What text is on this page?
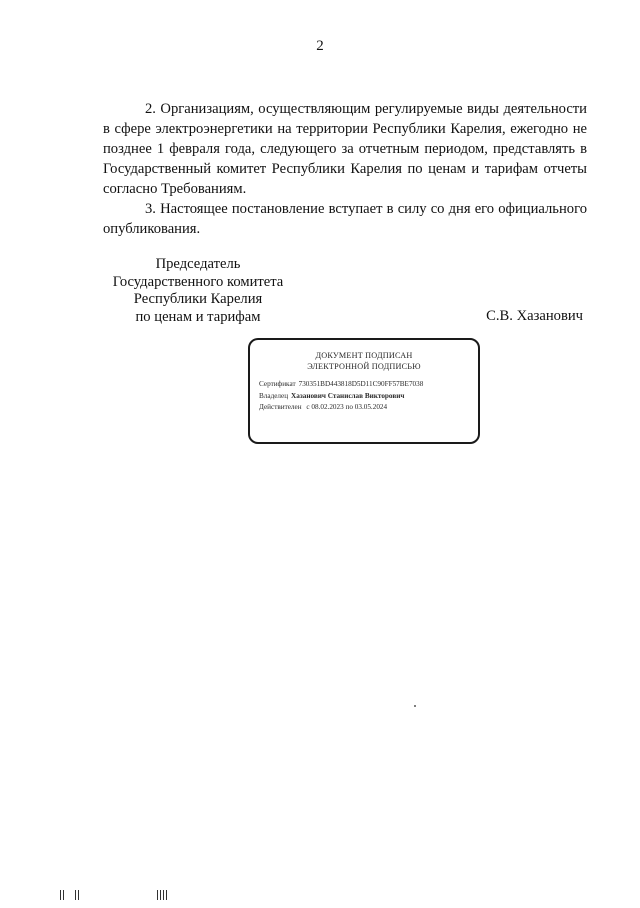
2

2. Организациям, осуществляющим регулируемые виды деятельности в сфере электроэнергетики на территории Республики Карелия, ежегодно не позднее 1 февраля года, следующего за отчетным периодом, представлять в Государственный комитет Республики Карелия по ценам и тарифам отчеты согласно Требованиям.

3. Настоящее постановление вступает в силу со дня его официального опубликования.

Председатель
Государственного комитета
Республики Карелия
по ценам и тарифам	С.В. Хазанович
ДОКУМЕНТ ПОДПИСАН
ЭЛЕКТРОННОЙ ПОДПИСЬЮ
Сертификат 730351BD443818D5D11C90FF57BE7038
Владелец Хазанович Станислав Викторович
Действителен с 08.02.2023 по 03.05.2024
